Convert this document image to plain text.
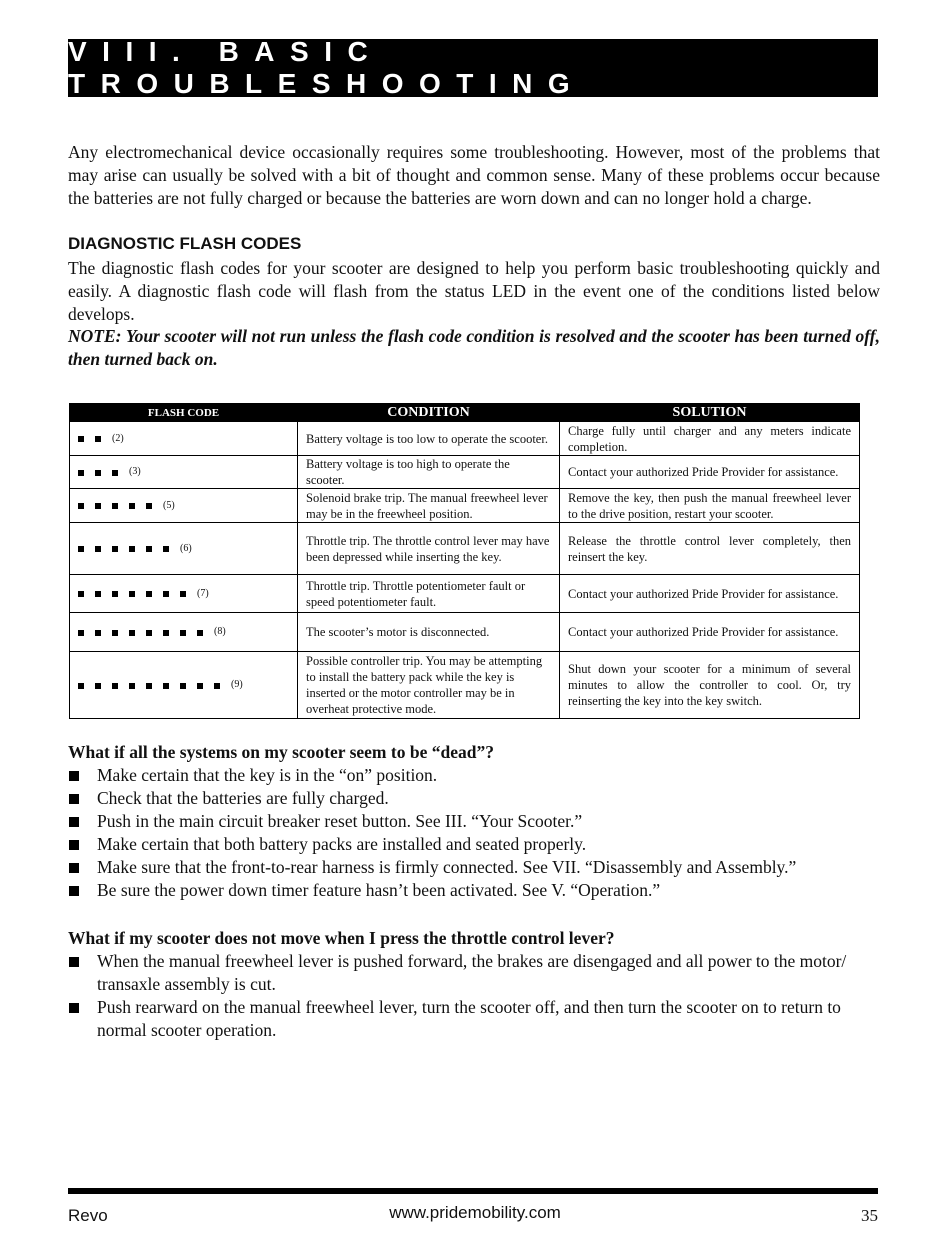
VIII. BASIC TROUBLESHOOTING

Any electromechanical device occasionally requires some troubleshooting. However, most of the problems that may arise can usually be solved with a bit of thought and common sense. Many of these problems occur because the batteries are not fully charged or because the batteries are worn down and can no longer hold a charge.

DIAGNOSTIC FLASH CODES

The diagnostic flash codes for your scooter are designed to help you perform basic troubleshooting quickly and easily. A diagnostic flash code will flash from the status LED in the event one of the conditions listed below develops.

NOTE: Your scooter will not run unless the flash code condition is resolved and the scooter has been turned off, then turned back on.

FLASH CODE	CONDITION	SOLUTION
(2)	Battery voltage is too low to operate the scooter.	Charge fully until charger and any meters indicate completion.
(3)	Battery voltage is too high to operate the scooter.	Contact your authorized Pride Provider for assistance.
(5)	Solenoid brake trip. The manual freewheel lever may be in the freewheel position.	Remove the key, then push the manual freewheel lever to the drive position, restart your scooter.
(6)	Throttle trip. The throttle control lever may have been depressed while inserting the key.	Release the throttle control lever completely, then reinsert the key.
(7)	Throttle trip. Throttle potentiometer fault or speed potentiometer fault.	Contact your authorized Pride Provider for assistance.
(8)	The scooter’s motor is disconnected.	Contact your authorized Pride Provider for assistance.
(9)	Possible controller trip. You may be attempting to install the battery pack while the key is inserted or the motor controller may be in overheat protective mode.	Shut down your scooter for a minimum of several minutes to allow the controller to cool. Or, try reinserting the key into the key switch.
What if all the systems on my scooter seem to be “dead”?
Make certain that the key is in the “on” position.
Check that the batteries are fully charged.
Push in the main circuit breaker reset button. See III. “Your Scooter.”
Make certain that both battery packs are installed and seated properly.
Make sure that the front-to-rear harness is firmly connected. See VII. “Disassembly and Assembly.”
Be sure the power down timer feature hasn’t been activated. See V. “Operation.”
What if my scooter does not move when I press the throttle control lever?
When the manual freewheel lever is pushed forward, the brakes are disengaged and all power to the motor/ transaxle assembly is cut.
Push rearward on the manual freewheel lever, turn the scooter off, and then turn the scooter on to return to normal scooter operation.
Revo	www.pridemobility.com	35
